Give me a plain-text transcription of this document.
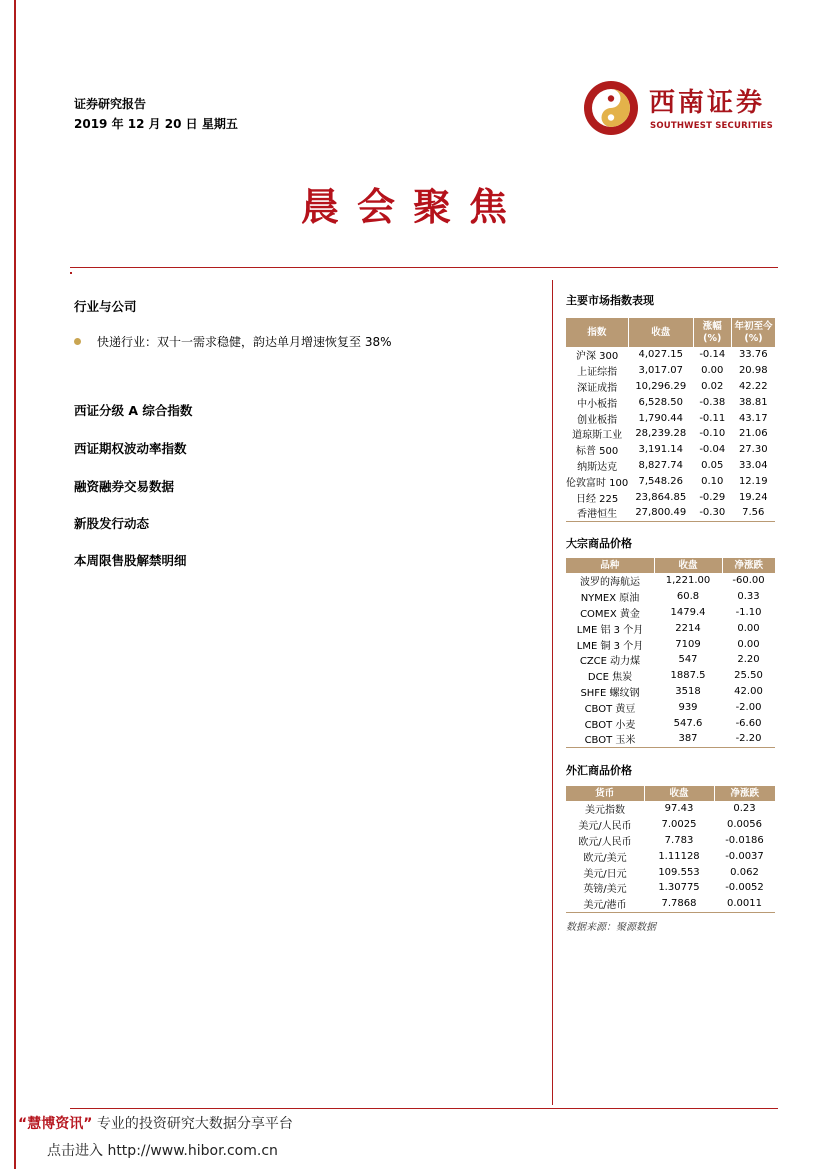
证券研究报告
2019 年 12 月 20 日 星期五
西南证券
SOUTHWEST SECURITIES
晨会聚焦
行业与公司
快递行业：双十一需求稳健，韵达单月增速恢复至 38%
西证分级 A 综合指数
西证期权波动率指数
融资融券交易数据
新股发行动态
本周限售股解禁明细
主要市场指数表现
指数	收盘	涨幅(%)	年初至今(%)
沪深 300	4,027.15	-0.14	33.76
上证综指	3,017.07	0.00	20.98
深证成指	10,296.29	0.02	42.22
中小板指	6,528.50	-0.38	38.81
创业板指	1,790.44	-0.11	43.17
道琼斯工业	28,239.28	-0.10	21.06
标普 500	3,191.14	-0.04	27.30
纳斯达克	8,827.74	0.05	33.04
伦敦富时 100	7,548.26	0.10	12.19
日经 225	23,864.85	-0.29	19.24
香港恒生	27,800.49	-0.30	7.56
大宗商品价格
品种	收盘	净涨跌
波罗的海航运	1,221.00	-60.00
NYMEX 原油	60.8	0.33
COMEX 黄金	1479.4	-1.10
LME 铝 3 个月	2214	0.00
LME 铜 3 个月	7109	0.00
CZCE 动力煤	547	2.20
DCE 焦炭	1887.5	25.50
SHFE 螺纹钢	3518	42.00
CBOT 黄豆	939	-2.00
CBOT 小麦	547.6	-6.60
CBOT 玉米	387	-2.20
外汇商品价格
货币	收盘	净涨跌
美元指数	97.43	0.23
美元/人民币	7.0025	0.0056
欧元/人民币	7.783	-0.0186
欧元/美元	1.11128	-0.0037
美元/日元	109.553	0.062
英镑/美元	1.30775	-0.0052
美元/港币	7.7868	0.0011
数据来源：聚源数据
“慧博资讯” 专业的投资研究大数据分享平台
点击进入 http://www.hibor.com.cn
